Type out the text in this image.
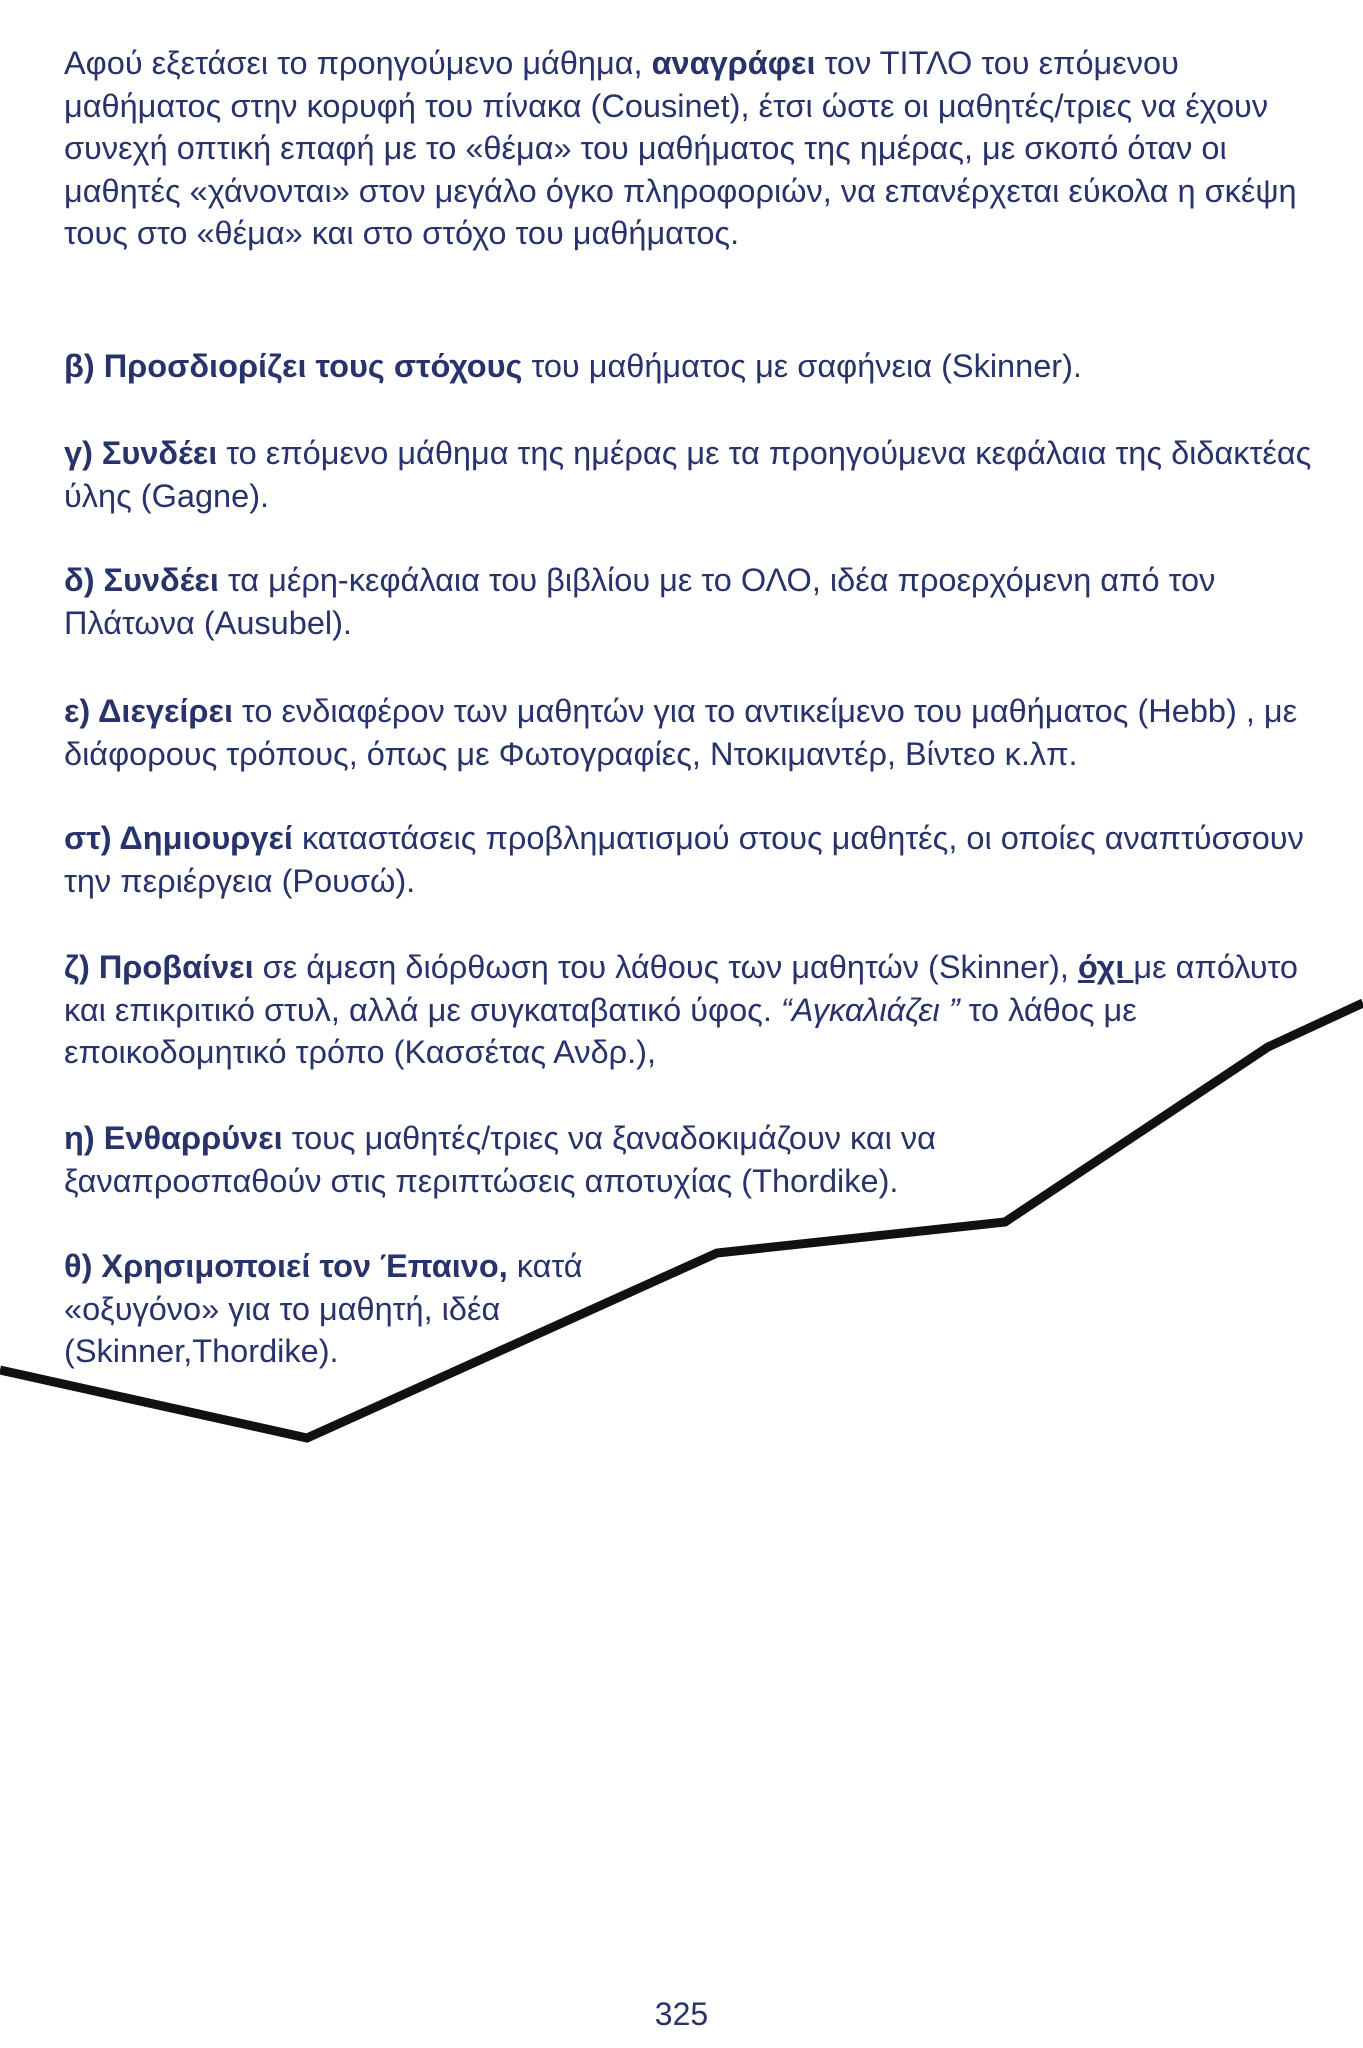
Αφού εξετάσει το προηγούμενο μάθημα, αναγράφει τον ΤΙΤΛΟ του επόμενου μαθήματος στην κορυφή του πίνακα (Cousinet), έτσι ώστε οι μαθητές/τριες να έχουν συνεχή οπτική επαφή με το «θέμα» του μαθήματος της ημέρας, με σκοπό όταν οι μαθητές «χάνονται» στον μεγάλο όγκο πληροφοριών, να επανέρχεται εύκολα η σκέψη τους στο «θέμα» και στο στόχο του μαθήματος.

β) Προσδιορίζει τους στόχους του μαθήματος με σαφήνεια (Skinner).

γ) Συνδέει το επόμενο μάθημα της ημέρας με τα προηγούμενα κεφάλαια της διδακτέας ύλης (Gagne).

δ) Συνδέει τα μέρη-κεφάλαια του βιβλίου με το ΟΛΟ, ιδέα προερχόμενη από τον Πλάτωνα (Ausubel).

ε) Διεγείρει το ενδιαφέρον των μαθητών για το αντικείμενο του μαθήματος (Hebb) , με διάφορους τρόπους, όπως με Φωτογραφίες, Ντοκιμαντέρ, Βίντεο κ.λπ.

στ) Δημιουργεί καταστάσεις προβληματισμού στους μαθητές, οι οποίες αναπτύσσουν την περιέργεια (Ρουσώ).

ζ) Προβαίνει σε άμεση διόρθωση του λάθους των μαθητών (Skinner), όχι με απόλυτο και επικριτικό στυλ, αλλά με συγκαταβατικό ύφος. “Αγκαλιάζει ” το λάθος με εποικοδομητικό τρόπο (Κασσέτας Ανδρ.),

η) Ενθαρρύνει τους μαθητές/τριες να ξαναδοκιμάζουν και να ξαναπροσπαθούν στις περιπτώσεις αποτυχίας (Thordike).

θ) Χρησιμοποιεί τον Έπαινο, κατά «οξυγόνο» για το μαθητή, ιδέα (Skinner,Thordike).

325
